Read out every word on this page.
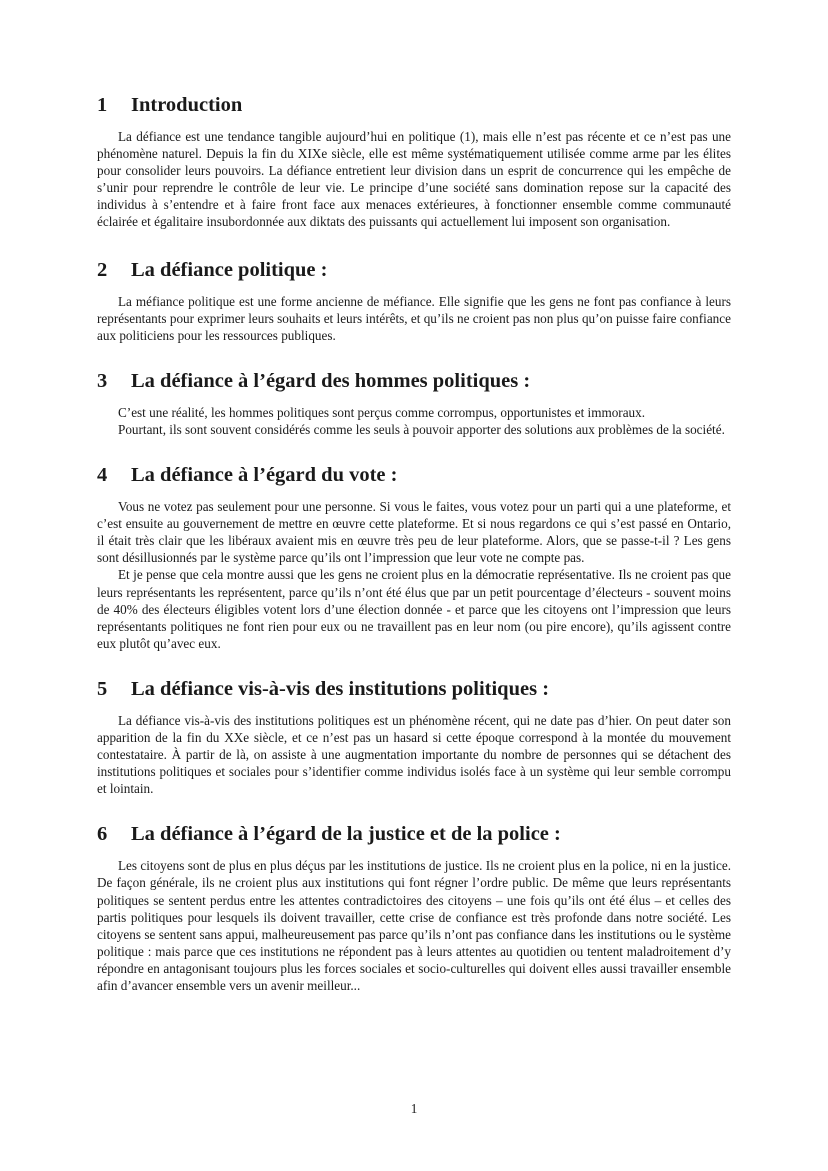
1	Introduction

La défiance est une tendance tangible aujourd’hui en politique (1), mais elle n’est pas récente et ce n’est pas une phénomène naturel. Depuis la fin du XIXe siècle, elle est même systématiquement utilisée comme arme par les élites pour consolider leurs pouvoirs. La défiance entretient leur division dans un esprit de concurrence qui les empêche de s’unir pour reprendre le contrôle de leur vie. Le principe d’une société sans domination repose sur la capacité des individus à s’entendre et à faire front face aux menaces extérieures, à fonctionner ensemble comme communauté éclairée et égalitaire insubordonnée aux diktats des puissants qui actuellement lui imposent son organisation.

2	La défiance politique :

La méfiance politique est une forme ancienne de méfiance. Elle signifie que les gens ne font pas confiance à leurs représentants pour exprimer leurs souhaits et leurs intérêts, et qu’ils ne croient pas non plus qu’on puisse faire confiance aux politiciens pour les ressources publiques.

3	La défiance à l’égard des hommes politiques :

C’est une réalité, les hommes politiques sont perçus comme corrompus, opportunistes et immoraux.

Pourtant, ils sont souvent considérés comme les seuls à pouvoir apporter des solutions aux problèmes de la société.

4	La défiance à l’égard du vote :

Vous ne votez pas seulement pour une personne. Si vous le faites, vous votez pour un parti qui a une plateforme, et c’est ensuite au gouvernement de mettre en œuvre cette plateforme. Et si nous regardons ce qui s’est passé en Ontario, il était très clair que les libéraux avaient mis en œuvre très peu de leur plateforme. Alors, que se passe-t-il ? Les gens sont désillusionnés par le système parce qu’ils ont l’impression que leur vote ne compte pas.

Et je pense que cela montre aussi que les gens ne croient plus en la démocratie représentative. Ils ne croient pas que leurs représentants les représentent, parce qu’ils n’ont été élus que par un petit pourcentage d’électeurs - souvent moins de 40% des électeurs éligibles votent lors d’une élection donnée - et parce que les citoyens ont l’impression que leurs représentants politiques ne font rien pour eux ou ne travaillent pas en leur nom (ou pire encore), qu’ils agissent contre eux plutôt qu’avec eux.

5	La défiance vis-à-vis des institutions politiques :

La défiance vis-à-vis des institutions politiques est un phénomène récent, qui ne date pas d’hier. On peut dater son apparition de la fin du XXe siècle, et ce n’est pas un hasard si cette époque correspond à la montée du mouvement contestataire. À partir de là, on assiste à une augmentation importante du nombre de personnes qui se détachent des institutions politiques et sociales pour s’identifier comme individus isolés face à un système qui leur semble corrompu et lointain.

6	La défiance à l’égard de la justice et de la police :

Les citoyens sont de plus en plus déçus par les institutions de justice. Ils ne croient plus en la police, ni en la justice. De façon générale, ils ne croient plus aux institutions qui font régner l’ordre public. De même que leurs représentants politiques se sentent perdus entre les attentes contradictoires des citoyens – une fois qu’ils ont été élus – et celles des partis politiques pour lesquels ils doivent travailler, cette crise de confiance est très profonde dans notre société. Les citoyens se sentent sans appui, malheureusement pas parce qu’ils n’ont pas confiance dans les institutions ou le système politique : mais parce que ces institutions ne répondent pas à leurs attentes au quotidien ou tentent maladroitement d’y répondre en antagonisant toujours plus les forces sociales et socio-culturelles qui doivent elles aussi travailler ensemble afin d’avancer ensemble vers un avenir meilleur...

1
